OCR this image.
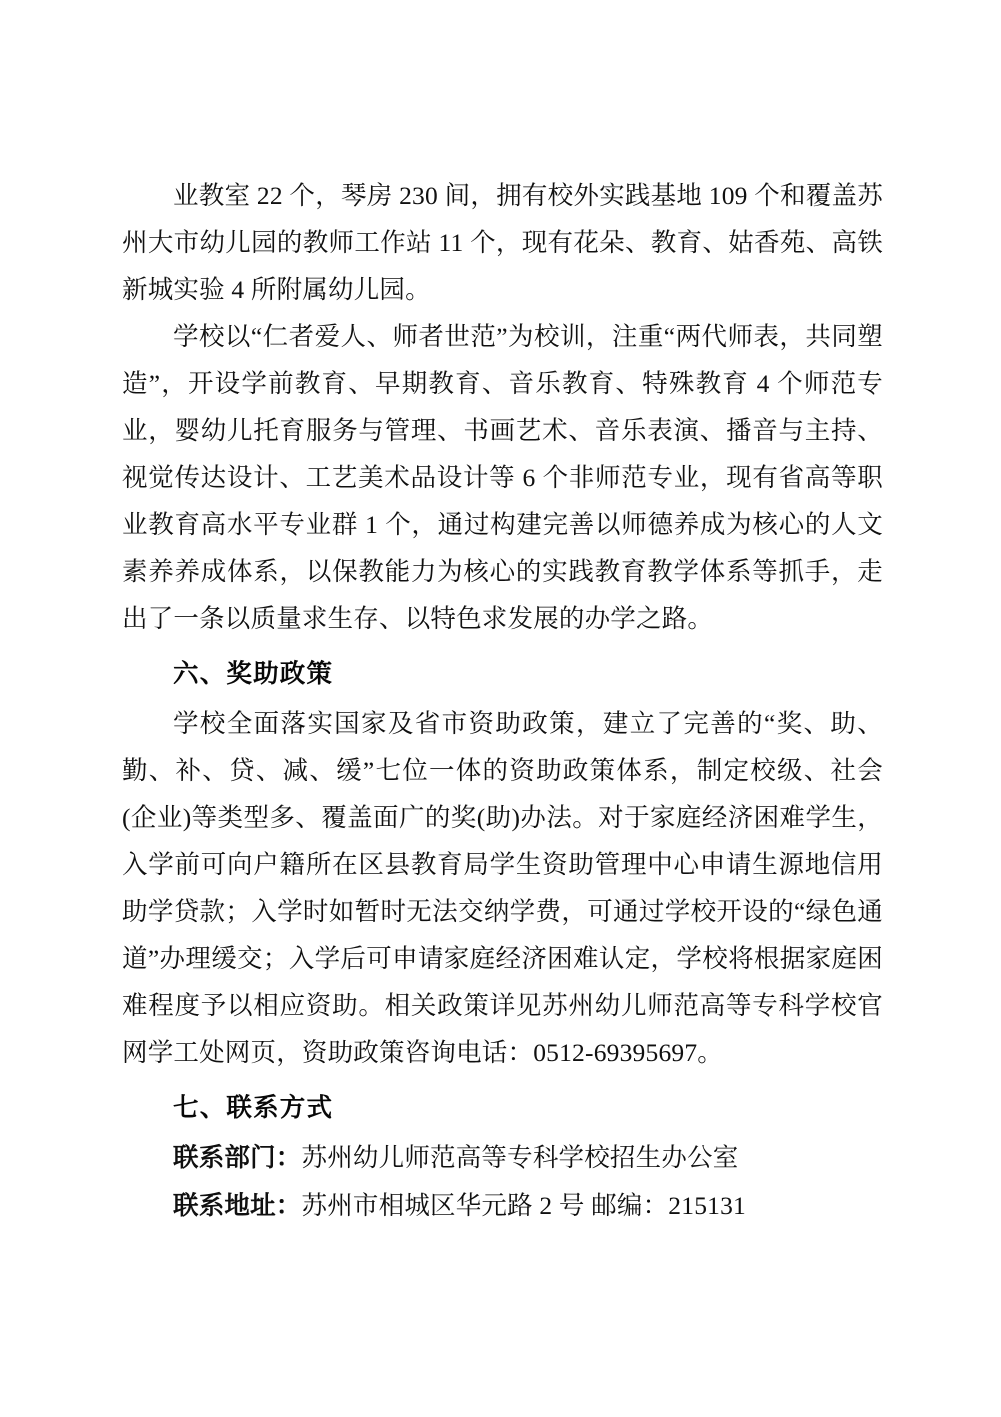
业教室 22 个，琴房 230 间，拥有校外实践基地 109 个和覆盖苏州大市幼儿园的教师工作站 11 个，现有花朵、教育、姑香苑、高铁新城实验 4 所附属幼儿园。

学校以“仁者爱人、师者世范”为校训，注重“两代师表，共同塑造”，开设学前教育、早期教育、音乐教育、特殊教育 4 个师范专业，婴幼儿托育服务与管理、书画艺术、音乐表演、播音与主持、视觉传达设计、工艺美术品设计等 6 个非师范专业，现有省高等职业教育高水平专业群 1 个，通过构建完善以师德养成为核心的人文素养养成体系，以保教能力为核心的实践教育教学体系等抓手，走出了一条以质量求生存、以特色求发展的办学之路。

六、奖助政策

学校全面落实国家及省市资助政策，建立了完善的“奖、助、勤、补、贷、减、缓”七位一体的资助政策体系，制定校级、社会(企业)等类型多、覆盖面广的奖(助)办法。对于家庭经济困难学生，入学前可向户籍所在区县教育局学生资助管理中心申请生源地信用助学贷款；入学时如暂时无法交纳学费，可通过学校开设的“绿色通道”办理缓交；入学后可申请家庭经济困难认定，学校将根据家庭困难程度予以相应资助。相关政策详见苏州幼儿师范高等专科学校官网学工处网页，资助政策咨询电话：0512-69395697。

七、联系方式

联系部门：苏州幼儿师范高等专科学校招生办公室

联系地址：苏州市相城区华元路 2 号 邮编：215131
